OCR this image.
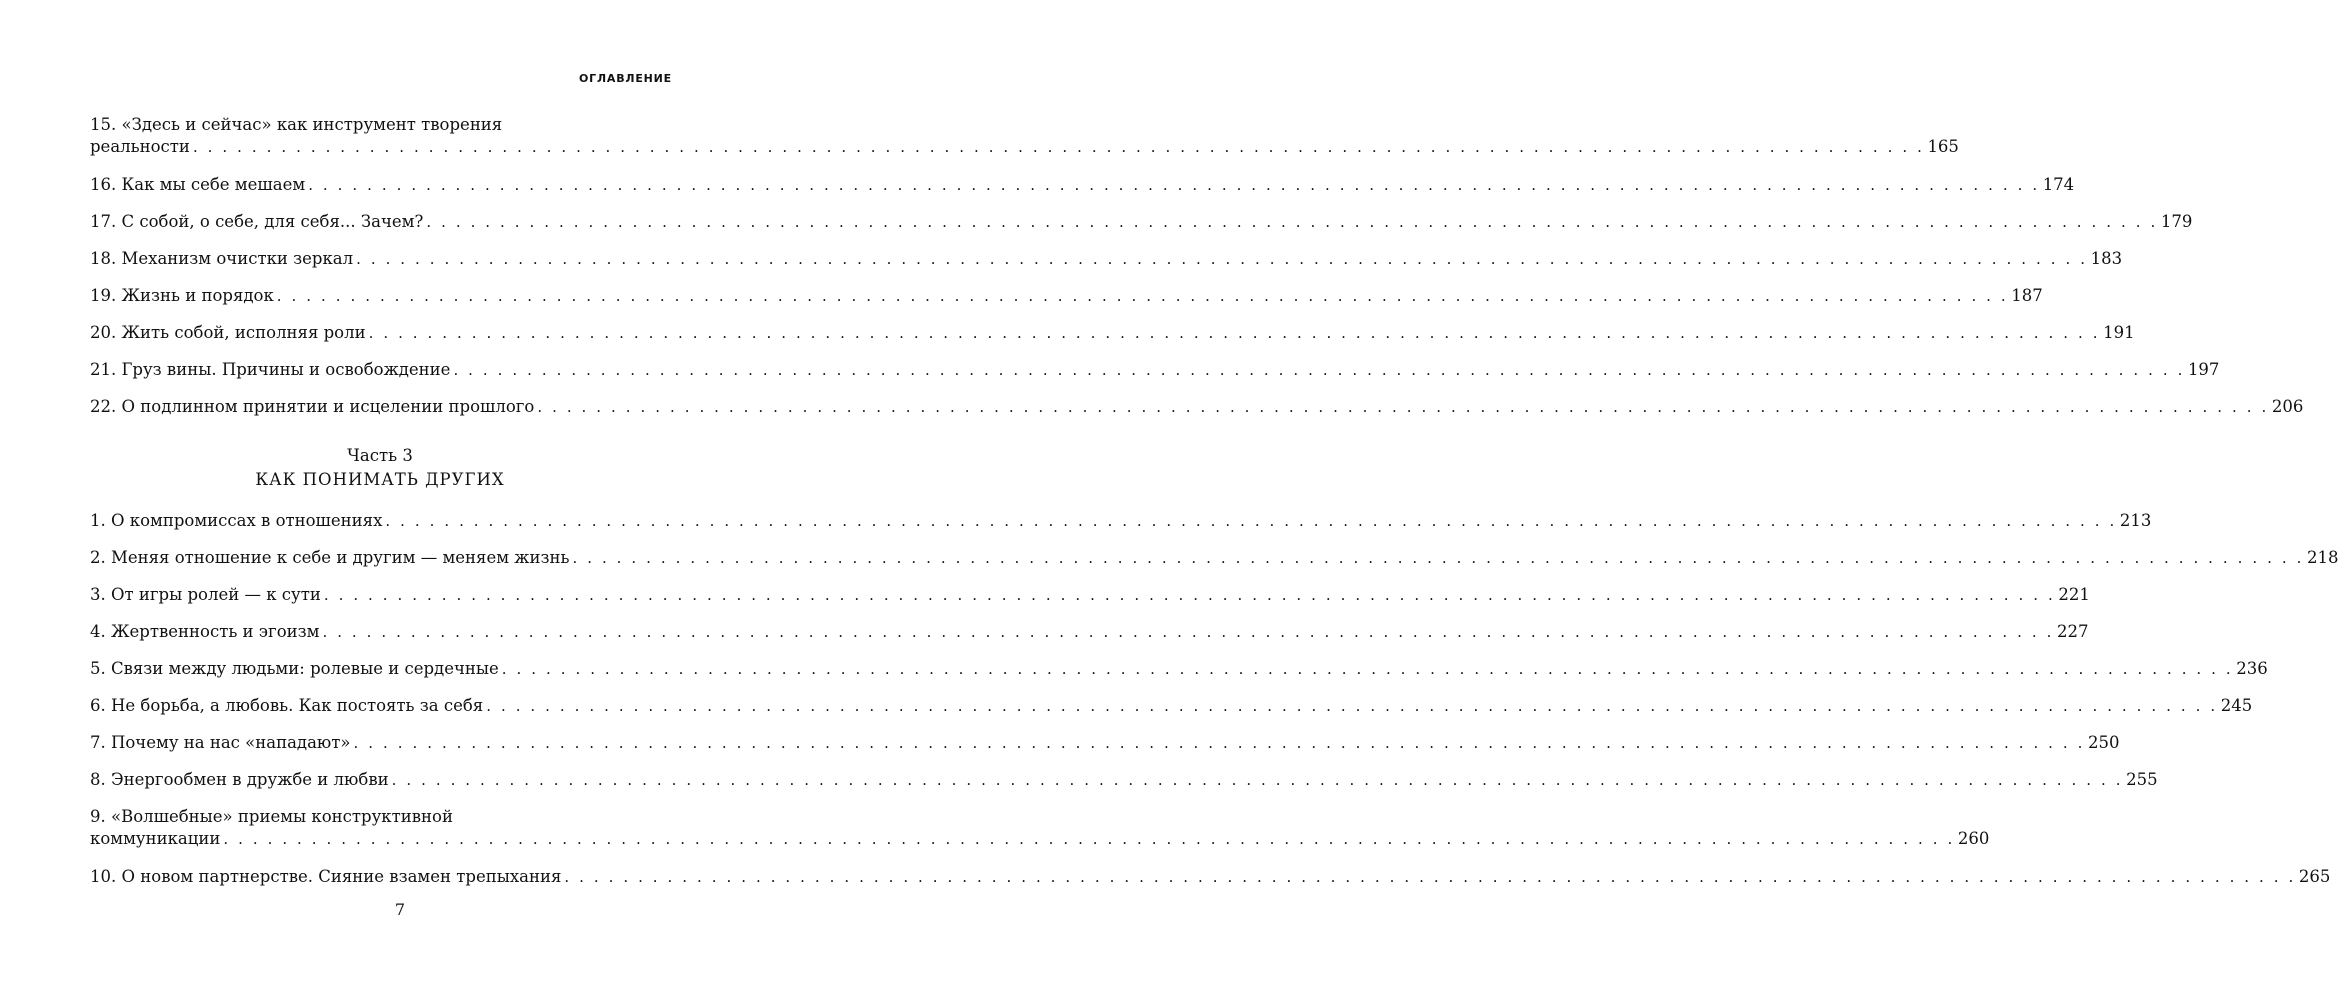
ОГЛАВЛЕНИЕ
15. «Здесь и сейчас» как инструмент творения
реальности . . .	165
16. Как мы себе мешаем . . .	174
17. С собой, о себе, для себя... Зачем? . . .	179
18. Механизм очистки зеркал . . .	183
19. Жизнь и порядок . . .	187
20. Жить собой, исполняя роли . . .	191
21. Груз вины. Причины и освобождение . . .	197
22. О подлинном принятии и исцелении прошлого . . .	206
Часть 3
КАК ПОНИМАТЬ ДРУГИХ
1. О компромиссах в отношениях . . .	213
2. Меняя отношение к себе и другим — меняем жизнь . . .	218
3. От игры ролей — к сути . . .	221
4. Жертвенность и эгоизм . . .	227
5. Связи между людьми: ролевые и сердечные . . .	236
6. Не борьба, а любовь. Как постоять за себя . . .	245
7. Почему на нас «нападают» . . .	250
8. Энергообмен в дружбе и любви . . .	255
9. «Волшебные» приемы конструктивной
коммуникации . . .	260
10. О новом партнерстве. Сияние взамен трепыхания . . .	265
7
